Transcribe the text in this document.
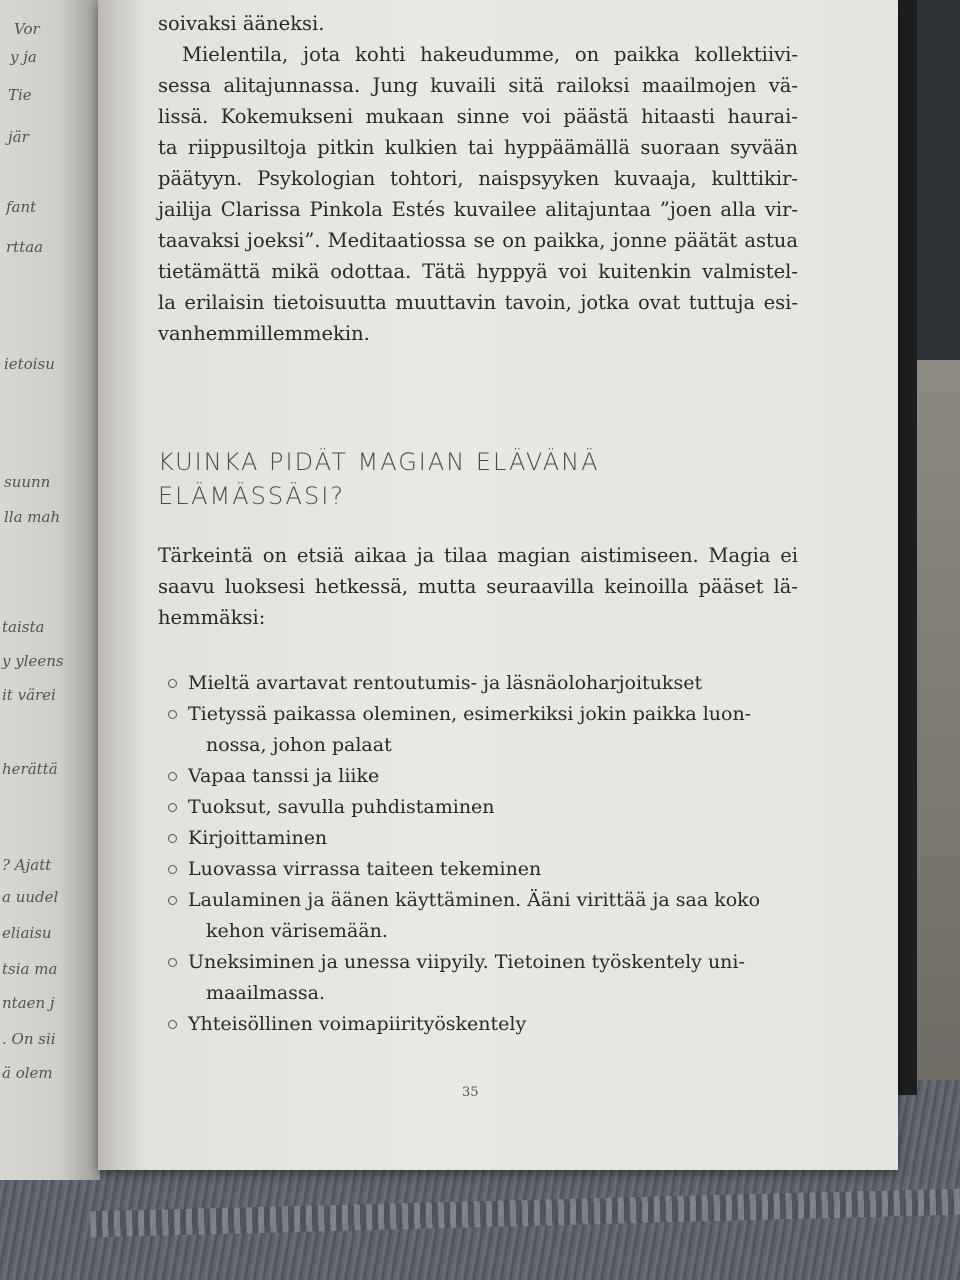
Vor
y ja
Tie
jär
fant
rttaa
ietoisu
suunn
lla mah
taista
y yleens
it värei
herättä
? Ajatt
a uudel
eliaisu
tsia ma
ntaen j
. On sii
ä olem
soivaksi ääneksi.
Mielentila, jota kohti hakeudumme, on paikka kollektiivi-
sessa alitajunnassa. Jung kuvaili sitä railoksi maailmojen vä-
lissä. Kokemukseni mukaan sinne voi päästä hitaasti haurai-
ta riippusiltoja pitkin kulkien tai hyppäämällä suoraan syvään
päätyyn. Psykologian tohtori, naispsyyken kuvaaja, kulttikir-
jailija Clarissa Pinkola Estés kuvailee alitajuntaa ”joen alla vir-
taavaksi joeksi”. Meditaatiossa se on paikka, jonne päätät astua
tietämättä mikä odottaa. Tätä hyppyä voi kuitenkin valmistel-
la erilaisin tietoisuutta muuttavin tavoin, jotka ovat tuttuja esi-
vanhemmillemmekin.
KUINKA PIDÄT MAGIAN ELÄVÄNÄ
ELÄMÄSSÄSI?
Tärkeintä on etsiä aikaa ja tilaa magian aistimiseen. Magia ei
saavu luoksesi hetkessä, mutta seuraavilla keinoilla pääset lä-
hemmäksi:
Mieltä avartavat rentoutumis- ja läsnäoloharjoitukset
Tietyssä paikassa oleminen, esimerkiksi jokin paikka luon-
nossa, johon palaat
Vapaa tanssi ja liike
Tuoksut, savulla puhdistaminen
Kirjoittaminen
Luovassa virrassa taiteen tekeminen
Laulaminen ja äänen käyttäminen. Ääni virittää ja saa koko
kehon värisemään.
Uneksiminen ja unessa viipyily. Tietoinen työskentely uni-
maailmassa.
Yhteisöllinen voimapiirityöskentely
35
